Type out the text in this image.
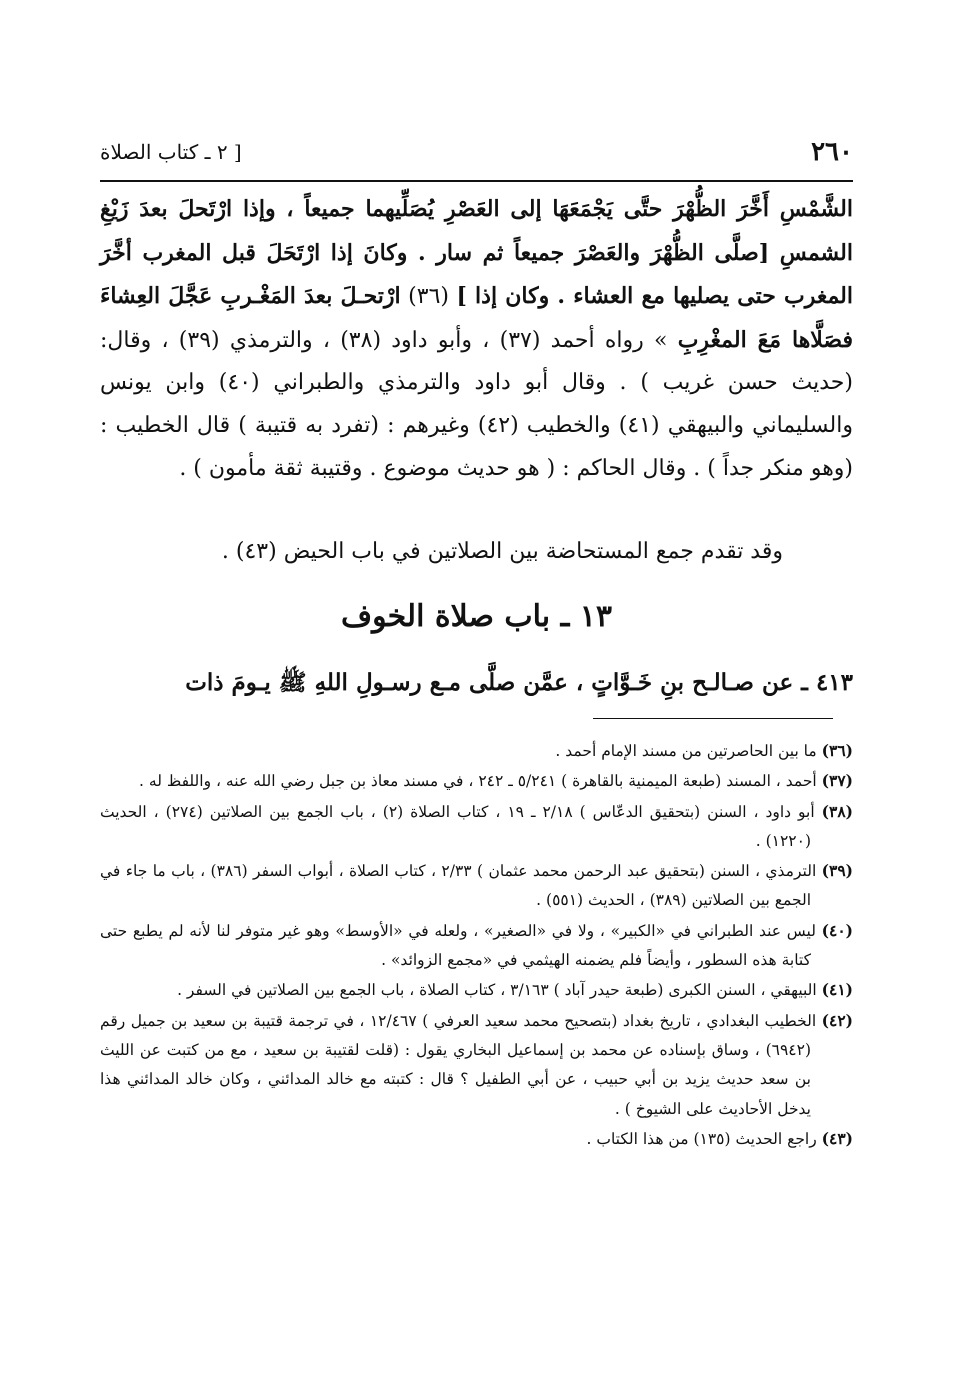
٢٦٠
[ ٢ ـ كتاب الصلاة

الشَّمْسِ أَخَّرَ الظُّهْرَ حتَّى يَجْمَعَهَا إلى العَصْرِ يُصَلِّيهما جميعاً ، وإذا ارْتَحلَ بعدَ زَيْغِ الشمسِ [صلَّى الظُّهْرَ والعَصْرَ جميعاً ثم سار . وكانَ إذا ارْتَحَلَ قبل المغرب أخَّرَ المغرب حتى يصليها مع العشاء . وكان إذا ] (٣٦) ارْتحـلَ بعدَ المَغْـربِ عَجَّلَ العِشاءَ فصَلَّاها مَعَ المغْرِبِ » رواه أحمد (٣٧) ، وأبو داود (٣٨) ، والترمذي (٣٩) ، وقال: (حديث حسن غريب ) . وقال أبو داود والترمذي والطبراني (٤٠) وابن يونس والسليماني والبيهقي (٤١) والخطيب (٤٢) وغيرهم : (تفرد به قتيبة ) قال الخطيب : (وهو منكر جداً ) . وقال الحاكم : ( هو حديث موضوع . وقتيبة ثقة مأمون ) .

وقد تقدم جمع المستحاضة بين الصلاتين في باب الحيض (٤٣) .
١٣ ـ باب صلاة الخوف
٤١٣ ـ عن صـالـح بنِ خَـوَّاتٍ ، عمَّن صلَّى مـع رسـولِ اللهِ ﷺ يـومَ ذات

(٣٦) ما بين الحاصرتين من مسند الإمام أحمد .

(٣٧) أحمد ، المسند (طبعة الميمنية بالقاهرة ) ٥/٢٤١ ـ ٢٤٢ ، في مسند معاذ بن جبل رضي الله عنه ، واللفظ له .

(٣٨) أبو داود ، السنن (بتحقيق الدعّاس ) ٢/١٨ ـ ١٩ ، كتاب الصلاة (٢) ، باب الجمع بين الصلاتين (٢٧٤) ، الحديث (١٢٢٠) .

(٣٩) الترمذي ، السنن (بتحقيق عبد الرحمن محمد عثمان ) ٢/٣٣ ، كتاب الصلاة ، أبواب السفر (٣٨٦) ، باب ما جاء في الجمع بين الصلاتين (٣٨٩) ، الحديث (٥٥١) .

(٤٠) ليس عند الطبراني في «الكبير» ، ولا في «الصغير» ، ولعله في «الأوسط» وهو غير متوفر لنا لأنه لم يطبع حتى كتابة هذه السطور ، وأيضاً فلم يضمنه الهيثمي في «مجمع الزوائد» .

(٤١) البيهقي ، السنن الكبرى (طبعة حيدر آباد ) ٣/١٦٣ ، كتاب الصلاة ، باب الجمع بين الصلاتين في السفر .

(٤٢) الخطيب البغدادي ، تاريخ بغداد (بتصحيح محمد سعيد العرفي ) ١٢/٤٦٧ ، في ترجمة قتيبة بن سعيد بن جميل رقم (٦٩٤٢) ، وساق بإسناده عن محمد بن إسماعيل البخاري يقول : (قلت لقتيبة بن سعيد ، مع من كتبت عن الليث بن سعد حديث يزيد بن أبي حبيب ، عن أبي الطفيل ؟ قال : كتبته مع خالد المدائني ، وكان خالد المدائني هذا يدخل الأحاديث على الشيوخ ) .

(٤٣) راجع الحديث (١٣٥) من هذا الكتاب .
